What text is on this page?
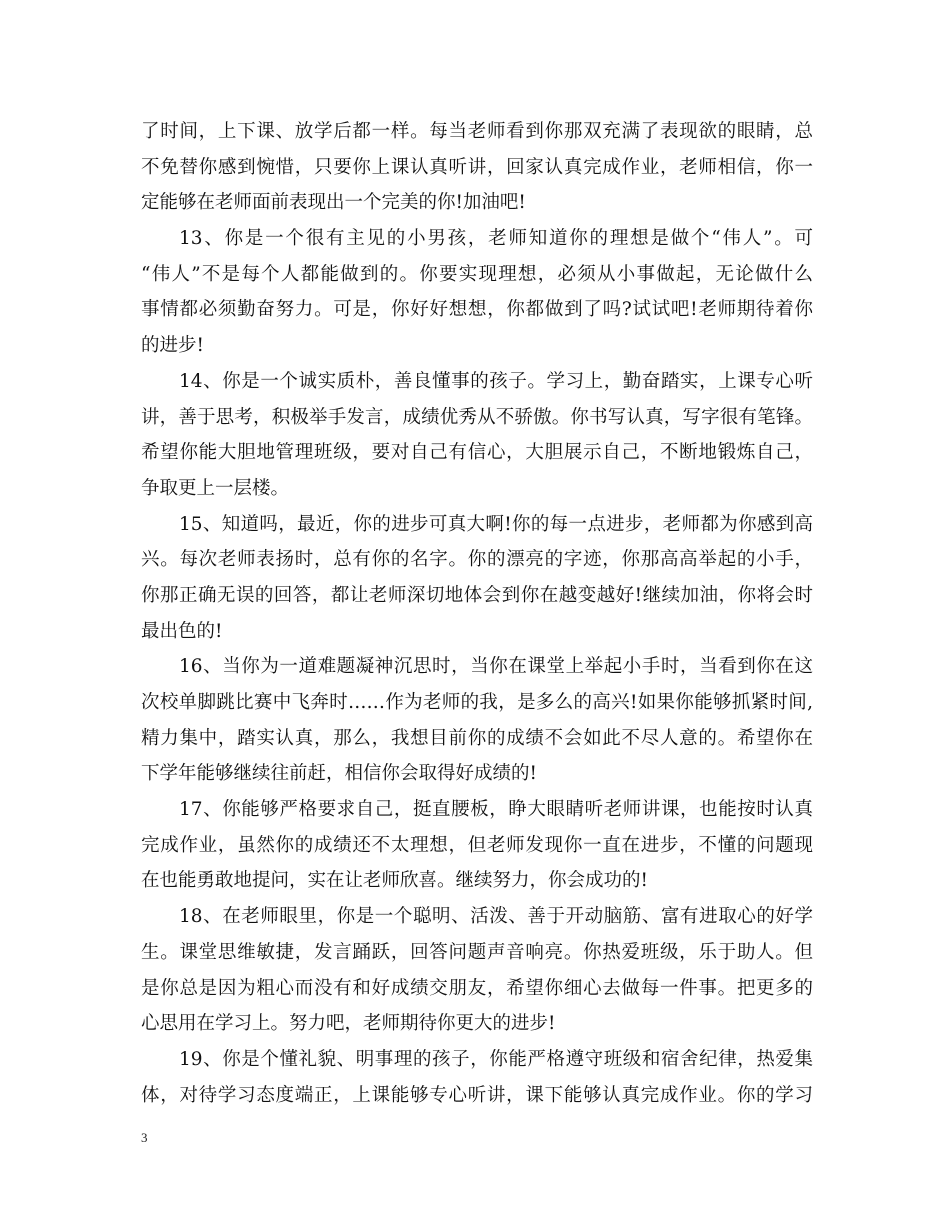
了时间，上下课、放学后都一样。每当老师看到你那双充满了表现欲的眼睛，总
不免替你感到惋惜，只要你上课认真听讲，回家认真完成作业，老师相信，你一
定能够在老师面前表现出一个完美的你!加油吧!
13、你是一个很有主见的小男孩，老师知道你的理想是做个“伟人”。可
“伟人”不是每个人都能做到的。你要实现理想，必须从小事做起，无论做什么
事情都必须勤奋努力。可是，你好好想想，你都做到了吗?试试吧!老师期待着你
的进步!
14、你是一个诚实质朴，善良懂事的孩子。学习上，勤奋踏实，上课专心听
讲，善于思考，积极举手发言，成绩优秀从不骄傲。你书写认真，写字很有笔锋。
希望你能大胆地管理班级，要对自己有信心，大胆展示自己，不断地锻炼自己，
争取更上一层楼。
15、知道吗，最近，你的进步可真大啊!你的每一点进步，老师都为你感到高
兴。每次老师表扬时，总有你的名字。你的漂亮的字迹，你那高高举起的小手，
你那正确无误的回答，都让老师深切地体会到你在越变越好!继续加油，你将会时
最出色的!
16、当你为一道难题凝神沉思时，当你在课堂上举起小手时，当看到你在这
次校单脚跳比赛中飞奔时……作为老师的我，是多么的高兴!如果你能够抓紧时间,
精力集中，踏实认真，那么，我想目前你的成绩不会如此不尽人意的。希望你在
下学年能够继续往前赶，相信你会取得好成绩的!
17、你能够严格要求自己，挺直腰板，睁大眼睛听老师讲课，也能按时认真
完成作业，虽然你的成绩还不太理想，但老师发现你一直在进步，不懂的问题现
在也能勇敢地提问，实在让老师欣喜。继续努力，你会成功的!
18、在老师眼里，你是一个聪明、活泼、善于开动脑筋、富有进取心的好学
生。课堂思维敏捷，发言踊跃，回答问题声音响亮。你热爱班级，乐于助人。但
是你总是因为粗心而没有和好成绩交朋友，希望你细心去做每一件事。把更多的
心思用在学习上。努力吧，老师期待你更大的进步!
19、你是个懂礼貌、明事理的孩子，你能严格遵守班级和宿舍纪律，热爱集
体，对待学习态度端正，上课能够专心听讲，课下能够认真完成作业。你的学习
3
